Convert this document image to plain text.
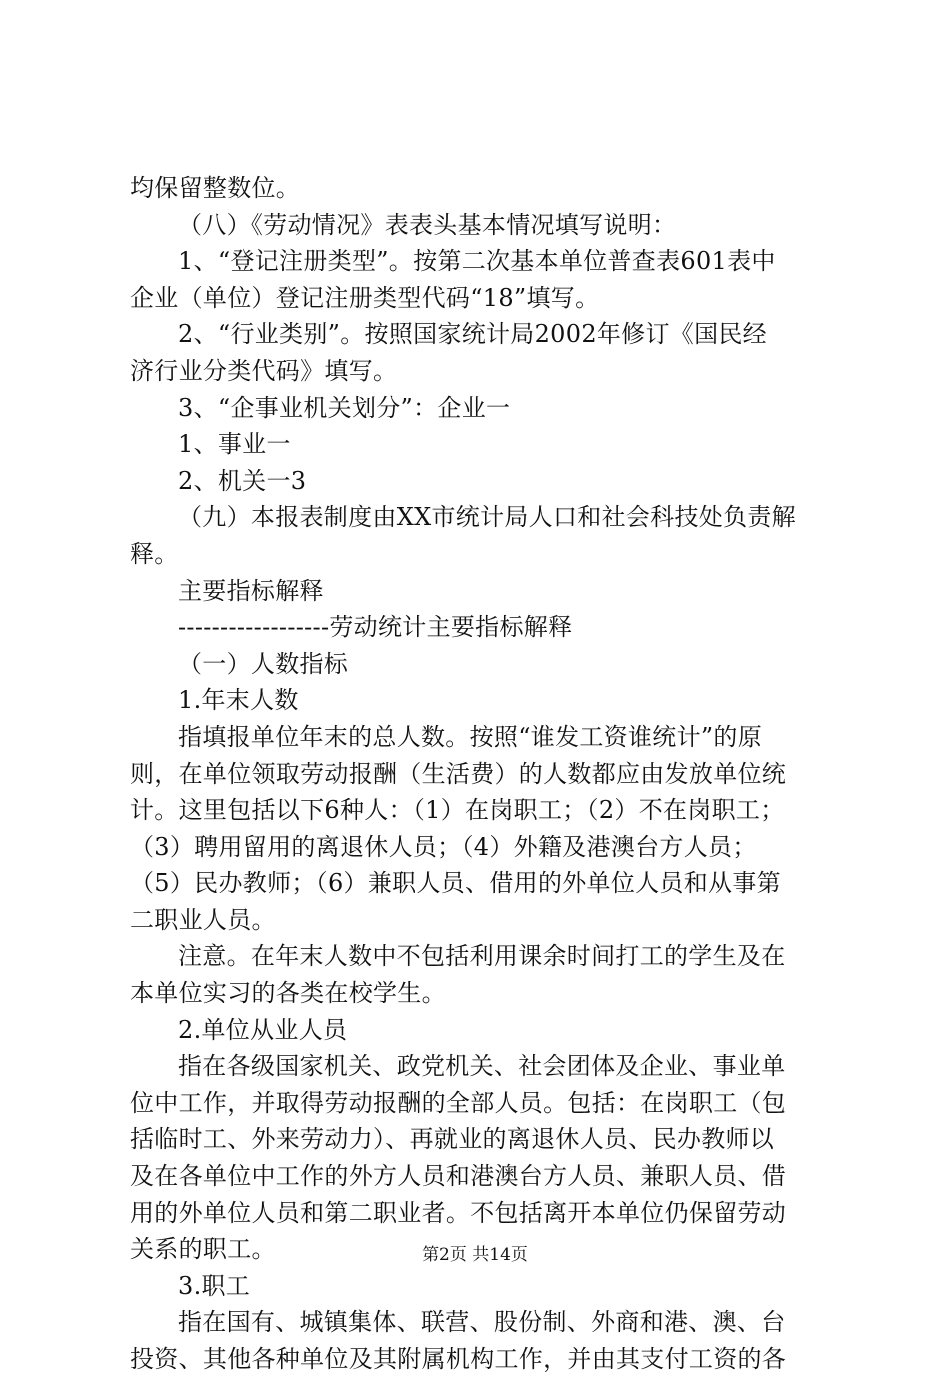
均保留整数位。
（八）《劳动情况》表表头基本情况填写说明：
1、“登记注册类型”。按第二次基本单位普查表601表中
企业（单位）登记注册类型代码“18”填写。
2、“行业类别”。按照国家统计局2002年修订《国民经
济行业分类代码》填写。
3、“企事业机关划分”：企业一
1、事业一
2、机关一3
（九）本报表制度由XX市统计局人口和社会科技处负责解
释。
主要指标解释
------------------劳动统计主要指标解释
（一）人数指标
1.年末人数
指填报单位年末的总人数。按照“谁发工资谁统计”的原
则，在单位领取劳动报酬（生活费）的人数都应由发放单位统
计。这里包括以下6种人：（1）在岗职工；（2）不在岗职工；
（3）聘用留用的离退休人员；（4）外籍及港澳台方人员；
（5）民办教师；（6）兼职人员、借用的外单位人员和从事第
二职业人员。
注意。在年末人数中不包括利用课余时间打工的学生及在
本单位实习的各类在校学生。
2.单位从业人员
指在各级国家机关、政党机关、社会团体及企业、事业单
位中工作，并取得劳动报酬的全部人员。包括：在岗职工（包
括临时工、外来劳动力）、再就业的离退休人员、民办教师以
及在各单位中工作的外方人员和港澳台方人员、兼职人员、借
用的外单位人员和第二职业者。不包括离开本单位仍保留劳动
关系的职工。
3.职工
指在国有、城镇集体、联营、股份制、外商和港、澳、台
投资、其他各种单位及其附属机构工作，并由其支付工资的各
第2页 共14页
